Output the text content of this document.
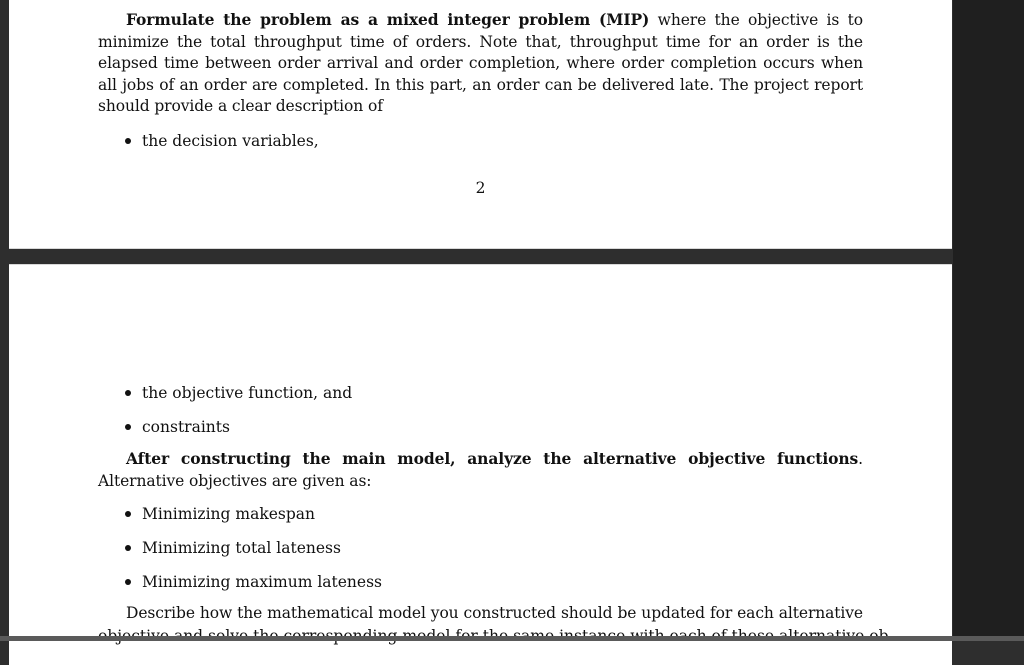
Formulate the problem as a mixed integer problem (MIP) where the objective is to minimize the total throughput time of orders. Note that, throughput time for an order is the elapsed time between order arrival and order completion, where order completion occurs when all jobs of an order are completed. In this part, an order can be delivered late. The project report should provide a clear description of

the decision variables,
2
the objective function, and
constraints

After constructing the main model, analyze the alternative objective functions. Alternative objectives are given as:

Minimizing makespan
Minimizing total lateness
Minimizing maximum lateness

Describe how the mathematical model you constructed should be updated for each alternative
